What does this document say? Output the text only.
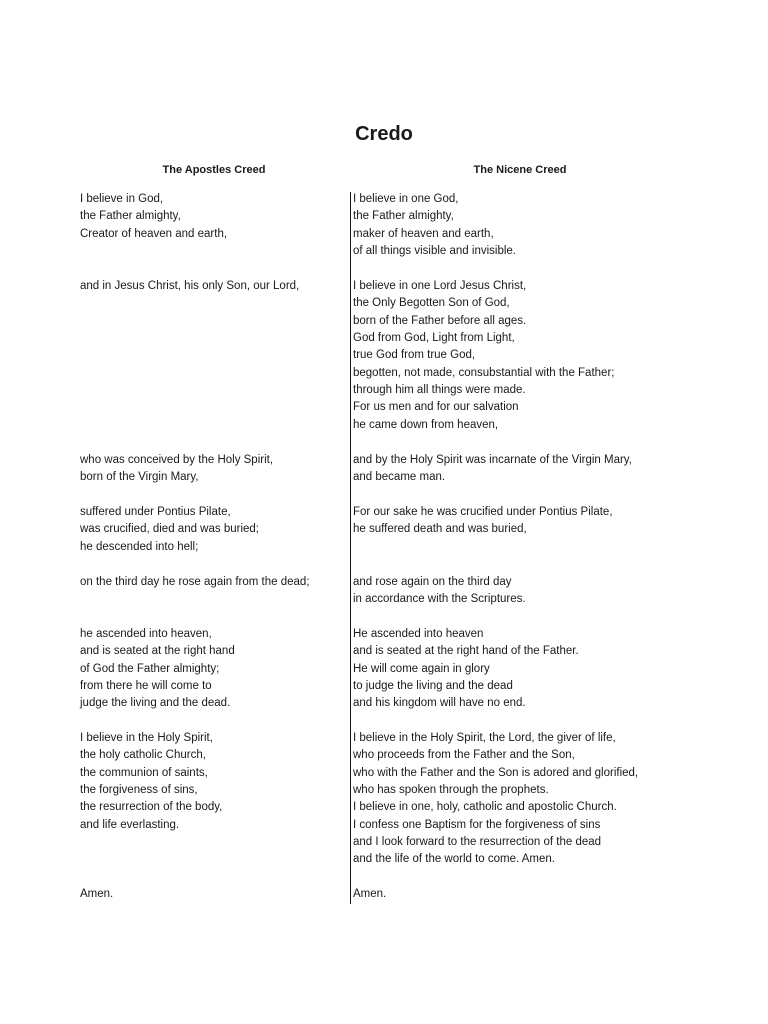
Credo
The Apostles Creed	The Nicene Creed
I believe in God,
the Father almighty,
Creator of heaven and earth,
and in Jesus Christ, his only Son, our Lord,
who was conceived by the Holy Spirit,
born of the Virgin Mary,
suffered under Pontius Pilate,
was crucified, died and was buried;
he descended into hell;
on the third day he rose again from the dead;
he ascended into heaven,
and is seated at the right hand
of God the Father almighty;
from there he will come to
judge the living and the dead.
I believe in the Holy Spirit,
the holy catholic Church,
the communion of saints,
the forgiveness of sins,
the resurrection of the body,
and life everlasting.
Amen.
I believe in one God,
the Father almighty,
maker of heaven and earth,
of all things visible and invisible.
I believe in one Lord Jesus Christ,
the Only Begotten Son of God,
born of the Father before all ages.
God from God, Light from Light,
true God from true God,
begotten, not made, consubstantial with the Father;
through him all things were made.
For us men and for our salvation
he came down from heaven,
and by the Holy Spirit was incarnate of the Virgin Mary,
and became man.
For our sake he was crucified under Pontius Pilate,
he suffered death and was buried,
and rose again on the third day
in accordance with the Scriptures.
He ascended into heaven
and is seated at the right hand of the Father.
He will come again in glory
to judge the living and the dead
and his kingdom will have no end.
I believe in the Holy Spirit, the Lord, the giver of life,
who proceeds from the Father and the Son,
who with the Father and the Son is adored and glorified,
who has spoken through the prophets.
I believe in one, holy, catholic and apostolic Church.
I confess one Baptism for the forgiveness of sins
and I look forward to the resurrection of the dead
and the life of the world to come. Amen.
Amen.
